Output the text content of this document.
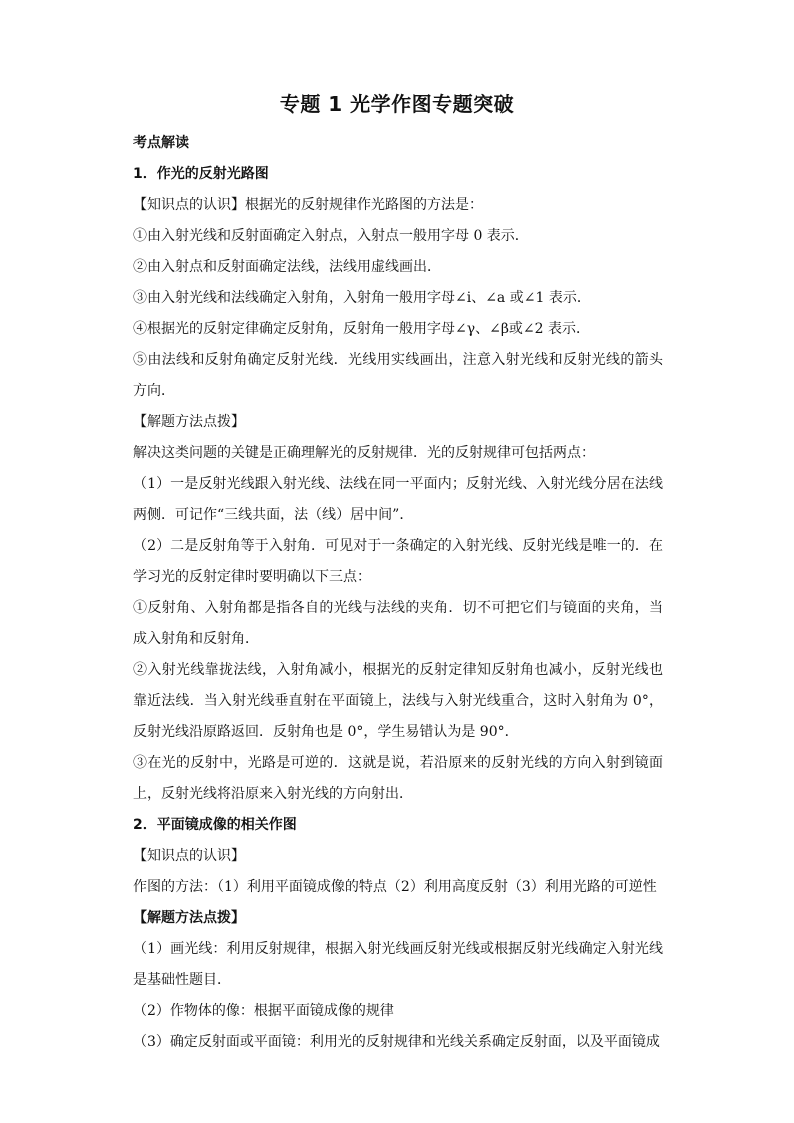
专题 1 光学作图专题突破
考点解读
1．作光的反射光路图
【知识点的认识】根据光的反射规律作光路图的方法是：
①由入射光线和反射面确定入射点，入射点一般用字母 0 表示．
②由入射点和反射面确定法线，法线用虚线画出．
③由入射光线和法线确定入射角，入射角一般用字母∠i、∠a 或∠1 表示．
④根据光的反射定律确定反射角，反射角一般用字母∠γ、∠β或∠2 表示．
⑤由法线和反射角确定反射光线．光线用实线画出，注意入射光线和反射光线的箭头方向．
【解题方法点拨】
解决这类问题的关键是正确理解光的反射规律．光的反射规律可包括两点：
（1）一是反射光线跟入射光线、法线在同一平面内；反射光线、入射光线分居在法线两侧．可记作“三线共面，法（线）居中间”．
（2）二是反射角等于入射角．可见对于一条确定的入射光线、反射光线是唯一的．在学习光的反射定律时要明确以下三点：
①反射角、入射角都是指各自的光线与法线的夹角．切不可把它们与镜面的夹角，当成入射角和反射角．
②入射光线靠拢法线，入射角减小，根据光的反射定律知反射角也减小，反射光线也靠近法线．当入射光线垂直射在平面镜上，法线与入射光线重合，这时入射角为 0°，反射光线沿原路返回．反射角也是 0°，学生易错认为是 90°．
③在光的反射中，光路是可逆的．这就是说，若沿原来的反射光线的方向入射到镜面上，反射光线将沿原来入射光线的方向射出．
2．平面镜成像的相关作图
【知识点的认识】
作图的方法：（1）利用平面镜成像的特点（2）利用高度反射（3）利用光路的可逆性
【解题方法点拨】
（1）画光线：利用反射规律，根据入射光线画反射光线或根据反射光线确定入射光线是基础性题目．
（2）作物体的像：根据平面镜成像的规律
（3）确定反射面或平面镜：利用光的反射规律和光线关系确定反射面，以及平面镜成
